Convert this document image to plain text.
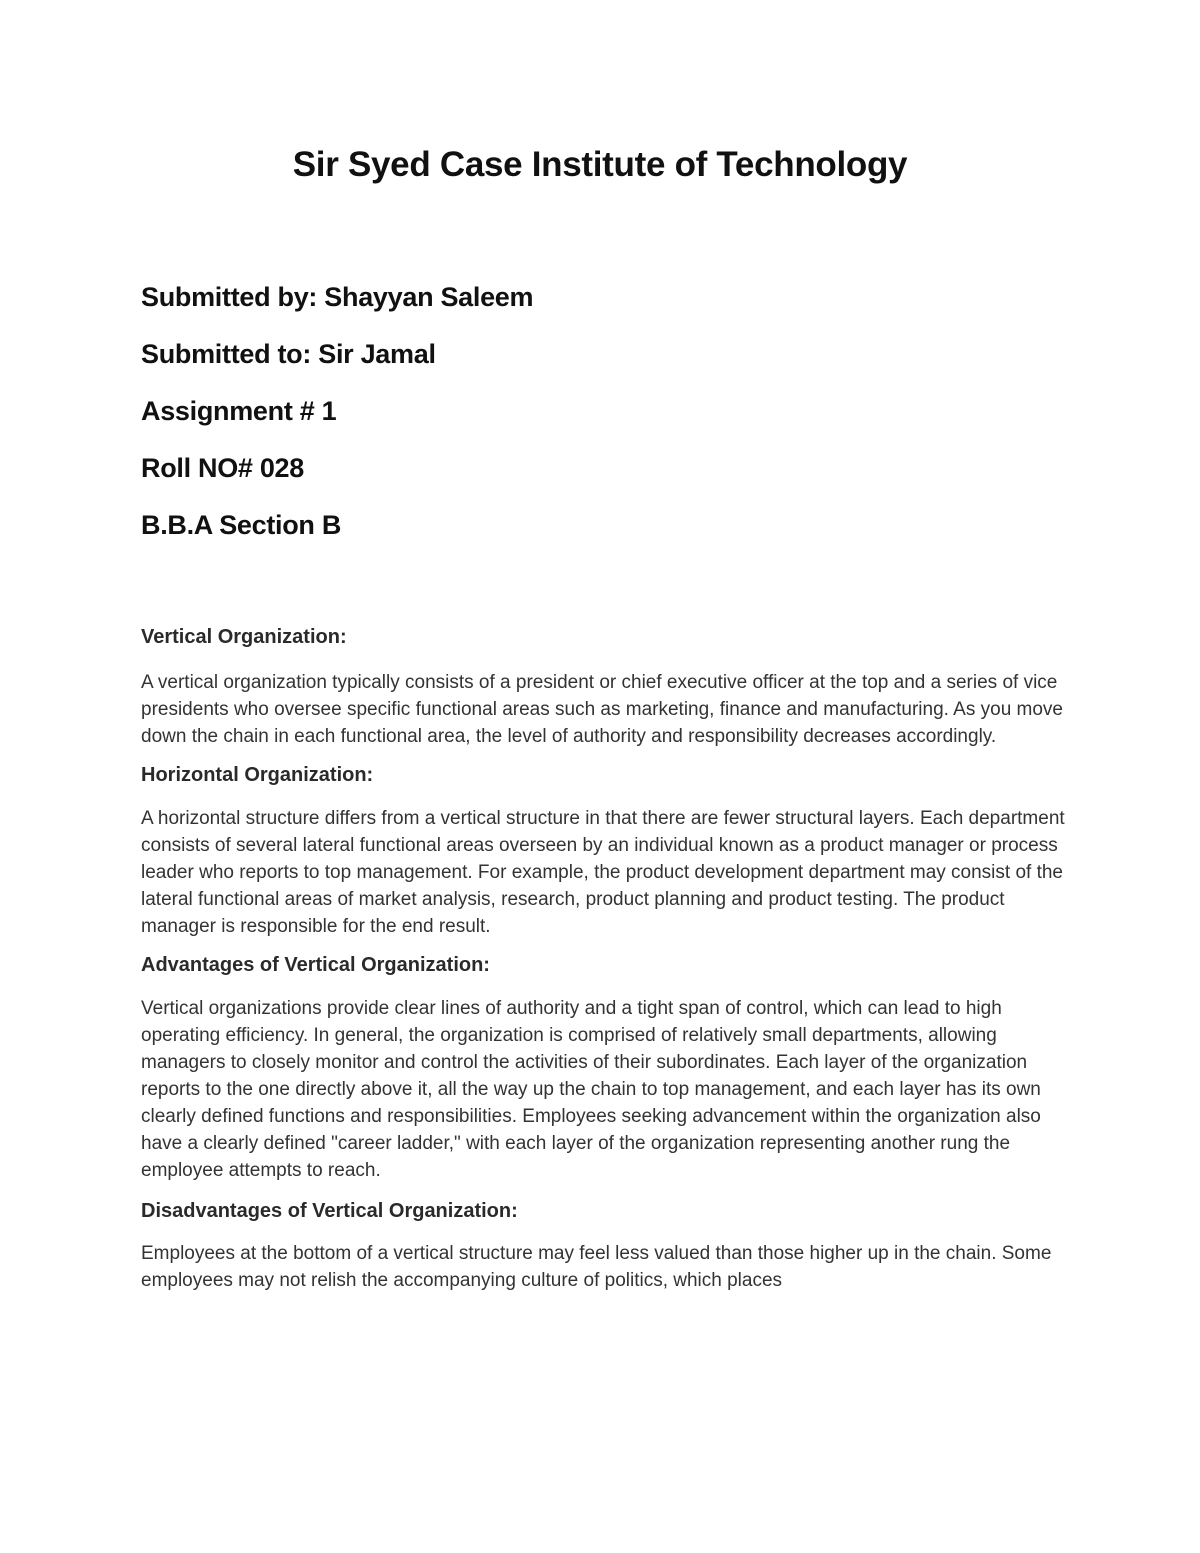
Sir Syed Case Institute of Technology
Submitted by: Shayyan Saleem
Submitted to: Sir Jamal
Assignment # 1
Roll NO# 028
B.B.A Section B
Vertical Organization:

A vertical organization typically consists of a president or chief executive officer at the top and a series of vice presidents who oversee specific functional areas such as marketing, finance and manufacturing. As you move down the chain in each functional area, the level of authority and responsibility decreases accordingly.

Horizontal Organization:

A horizontal structure differs from a vertical structure in that there are fewer structural layers. Each department consists of several lateral functional areas overseen by an individual known as a product manager or process leader who reports to top management. For example, the product development department may consist of the lateral functional areas of market analysis, research, product planning and product testing. The product manager is responsible for the end result.

Advantages of Vertical Organization:

Vertical organizations provide clear lines of authority and a tight span of control, which can lead to high operating efficiency. In general, the organization is comprised of relatively small departments, allowing managers to closely monitor and control the activities of their subordinates. Each layer of the organization reports to the one directly above it, all the way up the chain to top management, and each layer has its own clearly defined functions and responsibilities. Employees seeking advancement within the organization also have a clearly defined "career ladder," with each layer of the organization representing another rung the employee attempts to reach.

Disadvantages of Vertical Organization:

Employees at the bottom of a vertical structure may feel less valued than those higher up in the chain. Some employees may not relish the accompanying culture of politics, which places
